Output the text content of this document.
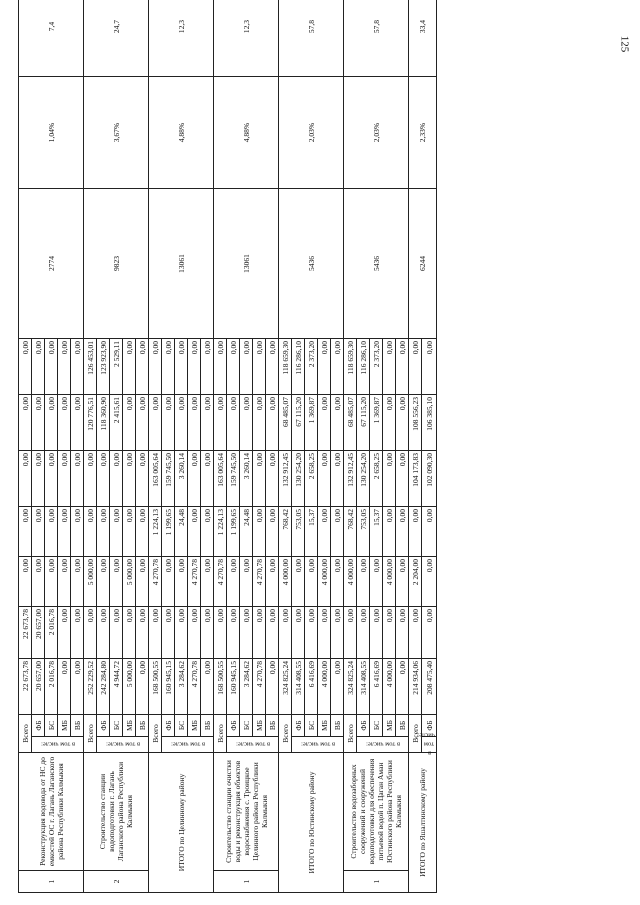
125
1	Реконструкция водовода от НС до емкостей ОС г. Лагань Лаганского района Республики Калмыкия	Всего		22 673,78	22 673,78	0,00	0,00	0,00	0,00	0,00	2774	1,04%	7,4
		в том числе:	ФБ	20 657,00	20 657,00	0,00	0,00	0,00	0,00	0,00			
			БС	2 016,78	2 016,78	0,00	0,00	0,00	0,00	0,00			
			МБ	0,00	0,00	0,00	0,00	0,00	0,00	0,00			
			ВБ	0,00	0,00	0,00	0,00	0,00	0,00	0,00			
2	Строительство станции водоподготовки г. Лагань Лаганского района Республики Калмыкия	Всего		252 229,52	0,00	5 000,00	0,00	0,00	120 776,51	126 453,01	9823	3,67%	24,7
		в том числе:	ФБ	242 284,80	0,00	0,00	0,00	0,00	118 360,90	123 923,90			
			БС	4 944,72	0,00	0,00	0,00	0,00	2 415,61	2 529,11			
			МБ	5 000,00	0,00	5 000,00	0,00	0,00	0,00	0,00			
			ВБ	0,00	0,00	0,00	0,00	0,00	0,00	0,00			
ИТОГО по Целинному району		Всего		168 500,55	0,00	4 270,78	1 224,13	163 005,64	0,00	0,00	13061	4,88%	12,3
		в том числе:	ФБ	160 945,15	0,00	0,00	1 199,65	159 745,50	0,00	0,00			
			БС	3 284,62	0,00	0,00	24,48	3 260,14	0,00	0,00			
			МБ	4 270,78	0,00	4 270,78	0,00	0,00	0,00	0,00			
			ВБ	0,00	0,00	0,00	0,00	0,00	0,00	0,00			
1	Строительство станции очистки воды и реконструкция объектов водоснабжения с. Троицкое Целинного района Республики Калмыкия	Всего		168 500,55	0,00	4 270,78	1 224,13	163 005,64	0,00	0,00	13061	4,88%	12,3
		в том числе:	ФБ	160 945,15	0,00	0,00	1 199,65	159 745,50	0,00	0,00			
			БС	3 284,62	0,00	0,00	24,48	3 260,14	0,00	0,00			
			МБ	4 270,78	0,00	4 270,78	0,00	0,00	0,00	0,00			
			ВБ	0,00	0,00	0,00	0,00	0,00	0,00	0,00			
ИТОГО по Юстинскому району		Всего		324 825,24	0,00	4 000,00	768,42	132 912,45	68 485,07	118 659,30	5436	2,03%	57,8
		в том числе:	ФБ	314 408,55	0,00	0,00	753,05	130 254,20	67 115,20	116 286,10			
			БС	6 416,69	0,00	0,00	15,37	2 658,25	1 369,87	2 373,20			
			МБ	4 000,00	0,00	4 000,00	0,00	0,00	0,00	0,00			
			ВБ	0,00	0,00	0,00	0,00	0,00	0,00	0,00			
1	Строительство водозаборных сооружений и сооружений водоподготовки для обеспечения питьевой водой п. Цаган Аман Юстинского района Республики Калмыкия	Всего		324 825,24	0,00	4 000,00	768,42	132 912,45	68 485,07	118 659,30	5436	2,03%	57,8
		в том числе:	ФБ	314 408,55	0,00	0,00	753,05	130 254,20	67 115,20	116 286,10			
			БС	6 416,69	0,00	0,00	15,37	2 658,25	1 369,87	2 373,20			
			МБ	4 000,00	0,00	4 000,00	0,00	0,00	0,00	0,00			
			ВБ	0,00	0,00	0,00	0,00	0,00	0,00	0,00			
ИТОГО по Яшалтинскому району		Всего		214 934,06	0,00	2 204,00	0,00	104 173,83	108 556,23	0,00	6244	2,33%	33,4
		в том числе:	ФБ	208 475,40	0,00	0,00	0,00	102 090,30	106 385,10	0,00			
